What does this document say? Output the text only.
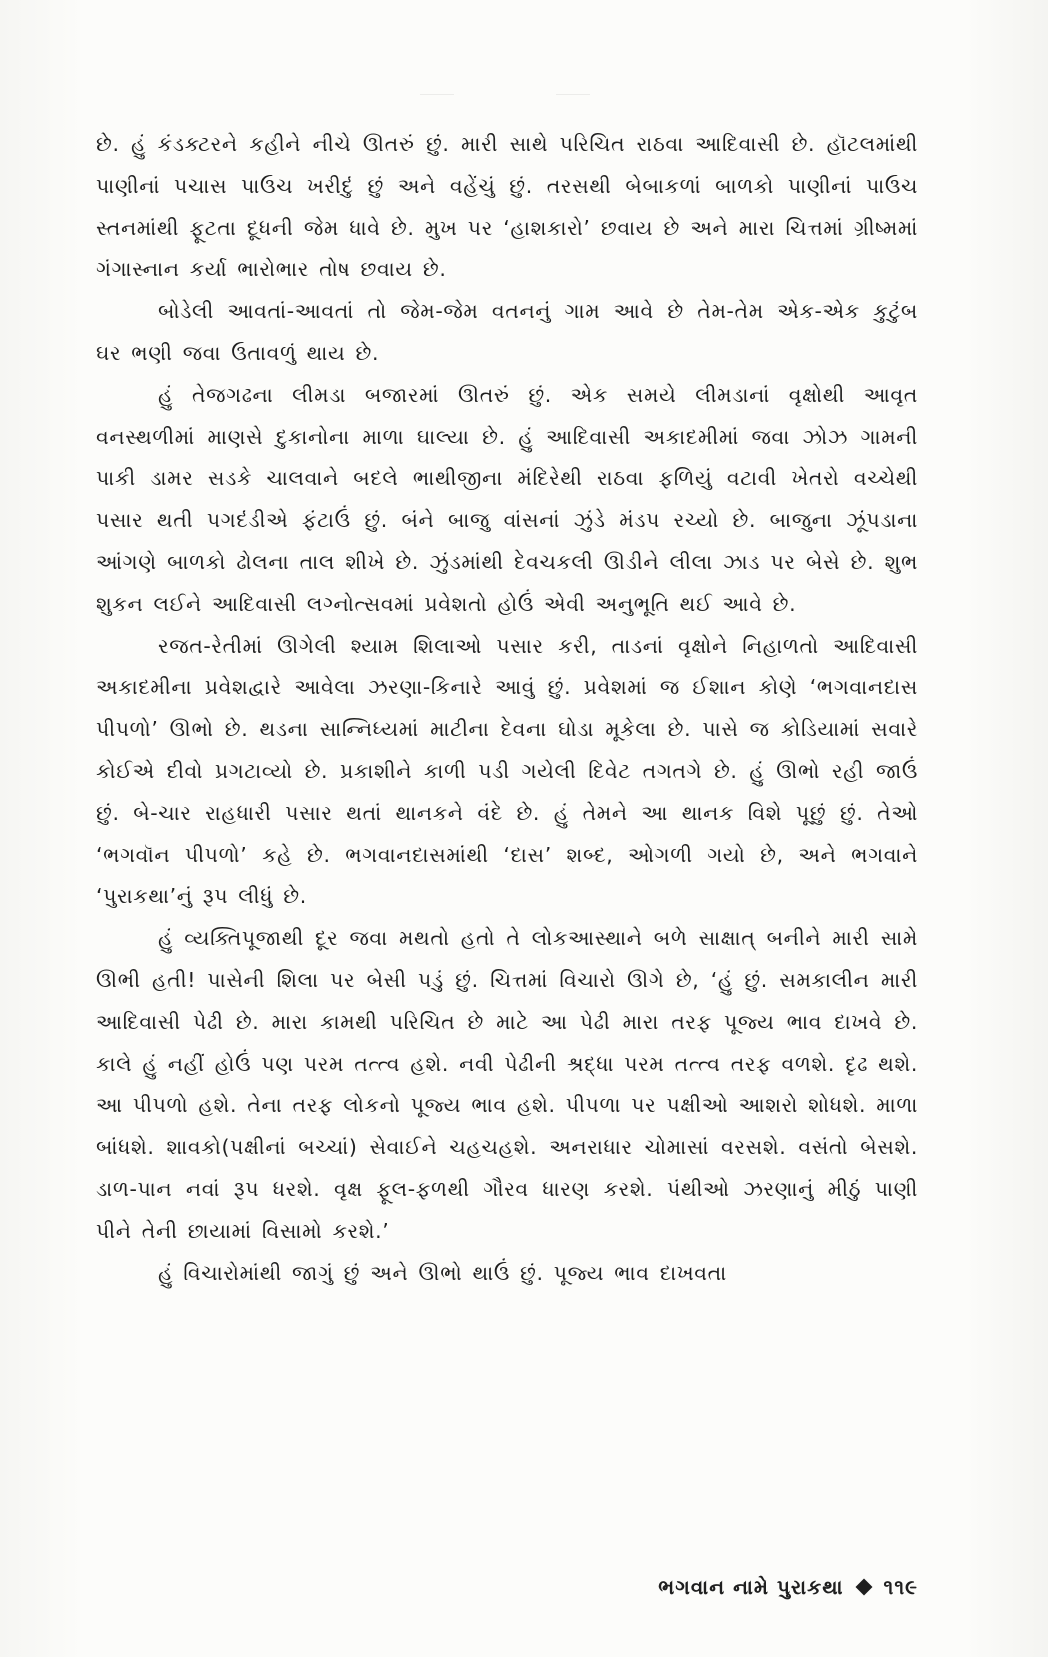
છે. હું કંડક્ટરને કહીને નીચે ઊતરું છું. મારી સાથે પરિચિત રાઠવા આદિવાસી છે. હૉટલમાંથી પાણીનાં પચાસ પાઉચ ખરીદું છું અને વહેંચું છું. તરસથી બેબાકળાં બાળકો પાણીનાં પાઉચ સ્તનમાંથી ફૂટતા દૂધની જેમ ધાવે છે. મુખ પર ‘હાશકારો’ છવાય છે અને મારા ચિત્તમાં ગ્રીષ્મમાં ગંગાસ્નાન કર્યા ભારોભાર તોષ છવાય છે.

બોડેલી આવતાં-આવતાં તો જેમ-જેમ વતનનું ગામ આવે છે તેમ-તેમ એક-એક કુટુંબ ઘર ભણી જવા ઉતાવળું થાય છે.

હું તેજગઢના લીમડા બજારમાં ઊતરું છું. એક સમયે લીમડાનાં વૃક્ષોથી આવૃત વનસ્થળીમાં માણસે દુકાનોના માળા ઘાલ્યા છે. હું આદિવાસી અકાદમીમાં જવા ઝોઝ ગામની પાકી ડામર સડકે ચાલવાને બદલે ભાથીજીના મંદિરેથી રાઠવા ફળિયું વટાવી ખેતરો વચ્ચેથી પસાર થતી પગદંડીએ ફંટાઉં છું. બંને બાજુ વાંસનાં ઝુંડે મંડપ રચ્યો છે. બાજુના ઝૂંપડાના આંગણે બાળકો ઢોલના તાલ શીખે છે. ઝુંડમાંથી દેવચકલી ઊડીને લીલા ઝાડ પર બેસે છે. શુભ શુકન લઈને આદિવાસી લગ્નોત્સવમાં પ્રવેશતો હોઉં એવી અનુભૂતિ થઈ આવે છે.

રજત-રેતીમાં ઊગેલી શ્યામ શિલાઓ પસાર કરી, તાડનાં વૃક્ષોને નિહાળતો આદિવાસી અકાદમીના પ્રવેશદ્વારે આવેલા ઝરણા-કિનારે આવું છું. પ્રવેશમાં જ ઈશાન કોણે ‘ભગવાનદાસ પીપળો’ ઊભો છે. થડના સાન્નિધ્યમાં માટીના દેવના ઘોડા મૂકેલા છે. પાસે જ કોડિયામાં સવારે કોઈએ દીવો પ્રગટાવ્યો છે. પ્રકાશીને કાળી પડી ગયેલી દિવેટ તગતગે છે. હું ઊભો રહી જાઉં છું. બે-ચાર રાહધારી પસાર થતાં થાનકને વંદે છે. હું તેમને આ થાનક વિશે પૂછું છું. તેઓ ‘ભગવૉન પીપળો’ કહે છે. ભગવાનદાસમાંથી ‘દાસ’ શબ્દ, ઓગળી ગયો છે, અને ભગવાને ‘પુરાકથા’નું રૂપ લીધું છે.

હું વ્યક્તિપૂજાથી દૂર જવા મથતો હતો તે લોકઆસ્થાને બળે સાક્ષાત્ બનીને મારી સામે ઊભી હતી! પાસેની શિલા પર બેસી પડું છું. ચિત્તમાં વિચારો ઊગે છે, ‘હું છું. સમકાલીન મારી આદિવાસી પેઢી છે. મારા કામથી પરિચિત છે માટે આ પેઢી મારા તરફ પૂજ્ય ભાવ દાખવે છે. કાલે હું નહીં હોઉં પણ પરમ તત્ત્વ હશે. નવી પેઢીની શ્રદ્ધા પરમ તત્ત્વ તરફ વળશે. દૃઢ થશે. આ પીપળો હશે. તેના તરફ લોકનો પૂજ્ય ભાવ હશે. પીપળા પર પક્ષીઓ આશરો શોધશે. માળા બાંધશે. શાવકો(પક્ષીનાં બચ્ચાં) સેવાઈને ચહચહશે. અનરાધાર ચોમાસાં વરસશે. વસંતો બેસશે. ડાળ-પાન નવાં રૂપ ધરશે. વૃક્ષ ફૂલ-ફળથી ગૌરવ ધારણ કરશે. પંથીઓ ઝરણાનું મીઠું પાણી પીને તેની છાયામાં વિસામો કરશે.’

હું વિચારોમાંથી જાગું છું અને ઊભો થાઉં છું. પૂજ્ય ભાવ દાખવતા

ભગવાન નામે પુરાકથા ૧૧૯
